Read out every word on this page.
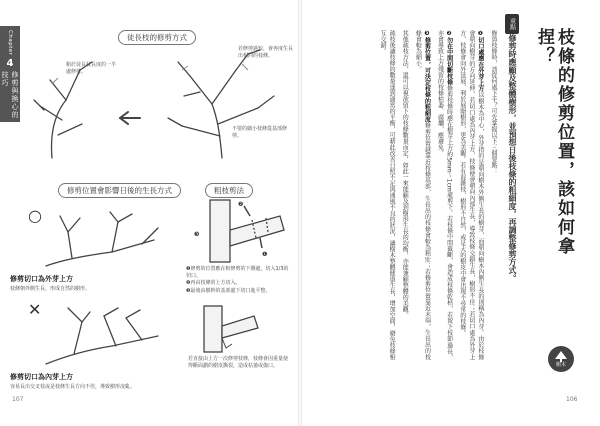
Chapter
4
修剪與換心的技巧
徒長枝的修剪方式
若修剪過短，會再度生長出相同的枝條。
稍於徒長枝長度的一半處修剪。
不要的細小枝條從基部修剪。
修剪位置會影響日後的生長方式
○
修剪切口為外芽上方
枝條朝外側生長，形成自然的樹形。
✕
修剪切口為內芽上方
容易長出交叉枝或是枝條生長方向不佳，導致樹形凌亂。
粗枝剪法
❶
❷
❸
❶修剪的位置應在較修剪的下側處，切入1/3的切口。
❷再由枝條的上方切入。
❸最後由樹幹的基部處下切口進平整。
若直接由上方一次修剪枝條，枝條會因重量使得斷面劃的樹皮撕裂，造成枯萎或傷口。
107
枝條的修剪位置，該如何拿捏？
重點
修剪時應顧及整體樹形，並預想日後枝條的粗細度，再調整修剪方式。

修剪枝條時，該從何處下手？可先掌握以下三個要點：

❶切口處應在外芽上方以樹木為中心，外芽指的是朝向樹木外側生長的樹芽，而朝向樹木內側生長的則稱為內芽。由於枝條會朝向樹芽的方向延伸，若切口處為內芽上方，枝條便會朝向內部生長，導致枝條交錯生長，樹形不佳；若切口處為外芽上方，枝條會向外延展，利於展開樹形，更為美觀。若有混雜枝，樹形不自然，或是大的樹皮中會出現不尋常的枝條。

❷勿在中間切斷枝條修剪枝條時應在樹芽上方約5mm～1cm處剪下。若枝條中間截斷，會造成枝條乾枯，若留下枝節過長，亦會導致上方殘留的枝條枯萎、腐爛，應避免。

❸修剪位置，可決定枝條的粗細度修剪位置越靠近枝條基部，生長出的枝條會較為粗壯；若修剪位置靠近末端，生長出的枝條會較為細小。

其他疏枝方法，還可以視欲留下的枝條數量而定，如此一來能顧及到樹形生長的均衡，亦能兼顧整體的美觀。

疏枝後讓枝條的數量達到適當的平衡，可藉此改善日照不足與通風不良的狀況，讓樹木整體健康生長，增加空間，避免枝條相互交錯。

樹木
106
